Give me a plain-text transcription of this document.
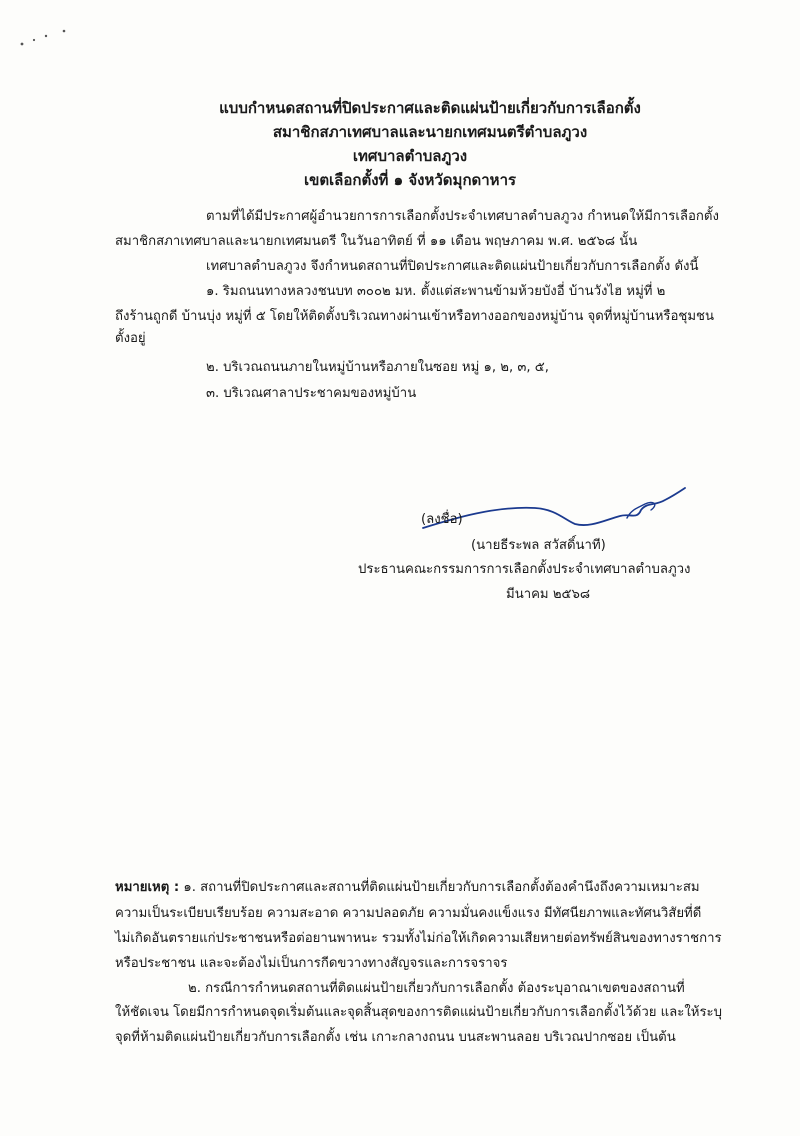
แบบกำหนดสถานที่ปิดประกาศและติดแผ่นป้ายเกี่ยวกับการเลือกตั้ง
สมาชิกสภาเทศบาลและนายกเทศมนตรีตำบลภูวง
เทศบาลตำบลภูวง
เขตเลือกตั้งที่ ๑ จังหวัดมุกดาหาร
ตามที่ได้มีประกาศผู้อำนวยการการเลือกตั้งประจำเทศบาลตำบลภูวง กำหนดให้มีการเลือกตั้ง
สมาชิกสภาเทศบาลและนายกเทศมนตรี ในวันอาทิตย์ ที่ ๑๑ เดือน พฤษภาคม พ.ศ. ๒๕๖๘ นั้น
เทศบาลตำบลภูวง จึงกำหนดสถานที่ปิดประกาศและติดแผ่นป้ายเกี่ยวกับการเลือกตั้ง ดังนี้
๑. ริมถนนทางหลวงชนบท ๓๐๐๒ มห. ตั้งแต่สะพานข้ามห้วยบังอี่ บ้านวังไฮ หมู่ที่ ๒
ถึงร้านถูกดี บ้านบุ่ง หมู่ที่ ๕ โดยให้ติดตั้งบริเวณทางผ่านเข้าหรือทางออกของหมู่บ้าน จุดที่หมู่บ้านหรือชุมชน
ตั้งอยู่
๒. บริเวณถนนภายในหมู่บ้านหรือภายในซอย หมู่ ๑, ๒, ๓, ๕,
๓. บริเวณศาลาประชาคมของหมู่บ้าน
(ลงชื่อ)
(นายธีระพล สวัสดิ์นาที)
ประธานคณะกรรมการการเลือกตั้งประจำเทศบาลตำบลภูวง
มีนาคม ๒๕๖๘
หมายเหตุ : ๑. สถานที่ปิดประกาศและสถานที่ติดแผ่นป้ายเกี่ยวกับการเลือกตั้งต้องคำนึงถึงความเหมาะสม
ความเป็นระเบียบเรียบร้อย ความสะอาด ความปลอดภัย ความมั่นคงแข็งแรง มีทัศนียภาพและทัศนวิสัยที่ดี
ไม่เกิดอันตรายแก่ประชาชนหรือต่อยานพาหนะ รวมทั้งไม่ก่อให้เกิดความเสียหายต่อทรัพย์สินของทางราชการ
หรือประชาชน และจะต้องไม่เป็นการกีดขวางทางสัญจรและการจราจร
๒. กรณีการกำหนดสถานที่ติดแผ่นป้ายเกี่ยวกับการเลือกตั้ง ต้องระบุอาณาเขตของสถานที่
ให้ชัดเจน โดยมีการกำหนดจุดเริ่มต้นและจุดสิ้นสุดของการติดแผ่นป้ายเกี่ยวกับการเลือกตั้งไว้ด้วย และให้ระบุ
จุดที่ห้ามติดแผ่นป้ายเกี่ยวกับการเลือกตั้ง เช่น เกาะกลางถนน บนสะพานลอย บริเวณปากซอย เป็นต้น
